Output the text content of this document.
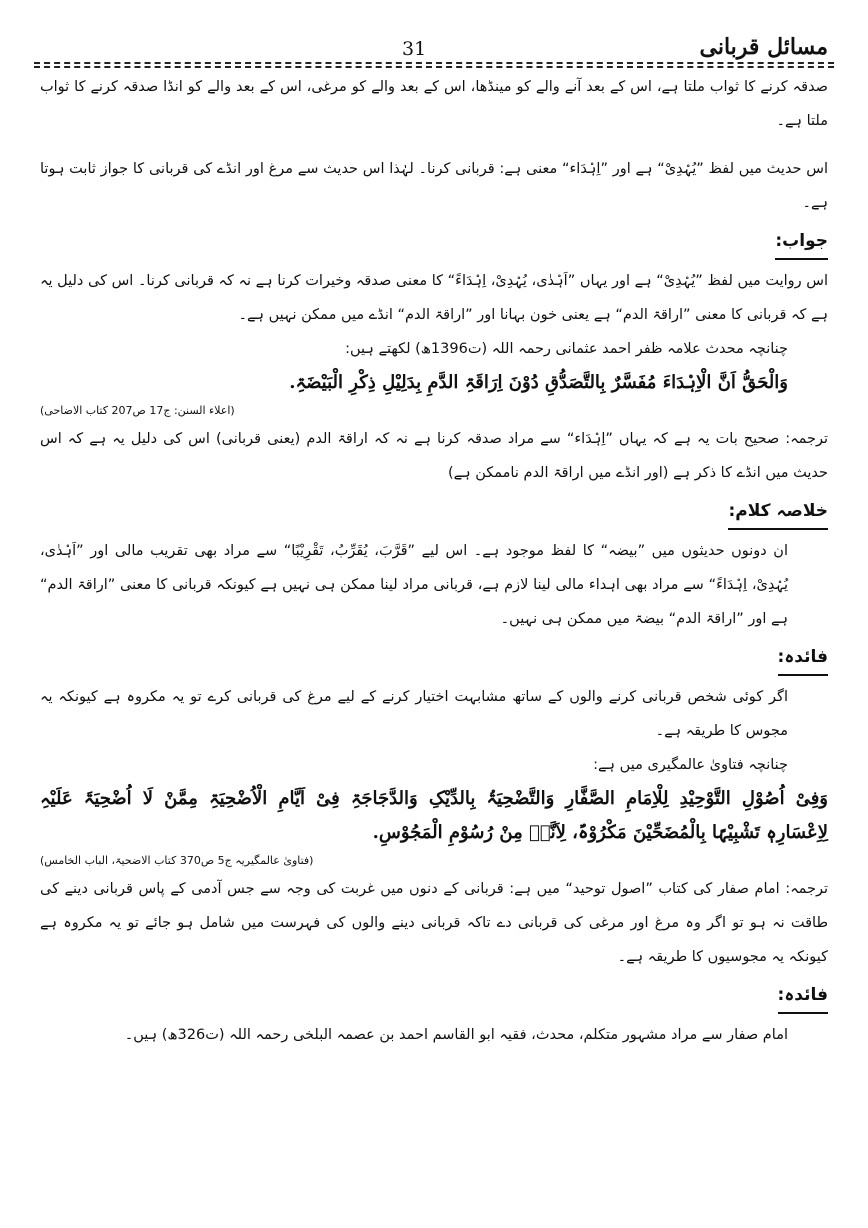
مسائل قربانی
31

صدقہ کرنے کا ثواب ملتا ہے، اس کے بعد آنے والے کو مینڈھا، اس کے بعد والے کو مرغی، اس کے بعد والے کو انڈا صدقہ کرنے کا ثواب ملتا ہے۔

اس حدیث میں لفظ ”یُہْدِیْ“ ہے اور ”اِہْدَاء“ معنی ہے: قربانی کرنا۔ لہٰذا اس حدیث سے مرغ اور انڈے کی قربانی کا جواز ثابت ہوتا ہے۔

جواب:

اس روایت میں لفظ ”یُہْدِیْ“ ہے اور یہاں ”اَہْدٰی، یُہْدِیْ، اِہْدَاءً“ کا معنی صدقہ وخیرات کرنا ہے نہ کہ قربانی کرنا۔ اس کی دلیل یہ ہے کہ قربانی کا معنی ”اراقۃ الدم“ ہے یعنی خون بہانا اور ”اراقۃ الدم“ انڈے میں ممکن نہیں ہے۔

چنانچہ محدث علامہ ظفر احمد عثمانی رحمہ اللہ (ت1396ھ) لکھتے ہیں:

وَالْحَقُّ اَنَّ الْاِہْدَاءَ مُفَسَّرٌ بِالتَّصَدُّقِ دُوْنَ اِرَاقَۃِ الدَّمِ بِدَلِیْلِ ذِکْرِ الْبَیْضَۃِ.

(اعلاء السنن: ج17 ص207 کتاب الاضاحی)

ترجمہ: صحیح بات یہ ہے کہ یہاں ”اِہْدَاء“ سے مراد صدقہ کرنا ہے نہ کہ اراقۃ الدم (یعنی قربانی) اس کی دلیل یہ ہے کہ اس حدیث میں انڈے کا ذکر ہے (اور انڈے میں اراقۃ الدم ناممکن ہے)

خلاصہ کلام:

ان دونوں حدیثوں میں ”بیضہ“ کا لفظ موجود ہے۔ اس لیے ”قَرَّبَ، یُقَرِّبُ، تَقْرِیْبًا“ سے مراد بھی تقریب مالی اور ”اَہْدٰی، یُہْدِیْ، اِہْدَاءً“ سے مراد بھی اہداء مالی لینا لازم ہے، قربانی مراد لینا ممکن ہی نہیں ہے کیونکہ قربانی کا معنی ”اراقۃ الدم“ ہے اور ”اراقۃ الدم“ بیضۃ میں ممکن ہی نہیں۔

فائدہ:

اگر کوئی شخص قربانی کرنے والوں کے ساتھ مشابہت اختیار کرنے کے لیے مرغ کی قربانی کرے تو یہ مکروہ ہے کیونکہ یہ مجوس کا طریقہ ہے۔

چنانچہ فتاویٰ عالمگیری میں ہے:

وَفِیْ اُصُوْلِ التَّوْحِیْدِ لِلْاِمَامِ الصَّفَّارِ وَالتَّضْحِیَۃُ بِالدِّیْکِ وَالدَّجَاجَۃِ فِیْ اَیَّامِ الْاُضْحِیَۃِ مِمَّنْ لَا اُضْحِیَۃَ عَلَیْہِ لِاِعْسَارِہٖ تَشْبِیْہًا بِالْمُضَحِّیْنَ مَکْرُوْہٌ، لِاَنَّہٗ مِنْ رُسُوْمِ الْمَجُوْسِ.

(فتاویٰ عالمگیریہ ج5 ص370 کتاب الاضحیۃ، الباب الخامس)

ترجمہ: امام صفار کی کتاب ”اصول توحید“ میں ہے: قربانی کے دنوں میں غربت کی وجہ سے جس آدمی کے پاس قربانی دینے کی طاقت نہ ہو تو اگر وہ مرغ اور مرغی کی قربانی دے تاکہ قربانی دینے والوں کی فہرست میں شامل ہو جائے تو یہ مکروہ ہے کیونکہ یہ مجوسیوں کا طریقہ ہے۔

فائدہ:

امام صفار سے مراد مشہور متکلم، محدث، فقیہ ابو القاسم احمد بن عصمہ البلخی رحمہ اللہ (ت326ھ) ہیں۔
